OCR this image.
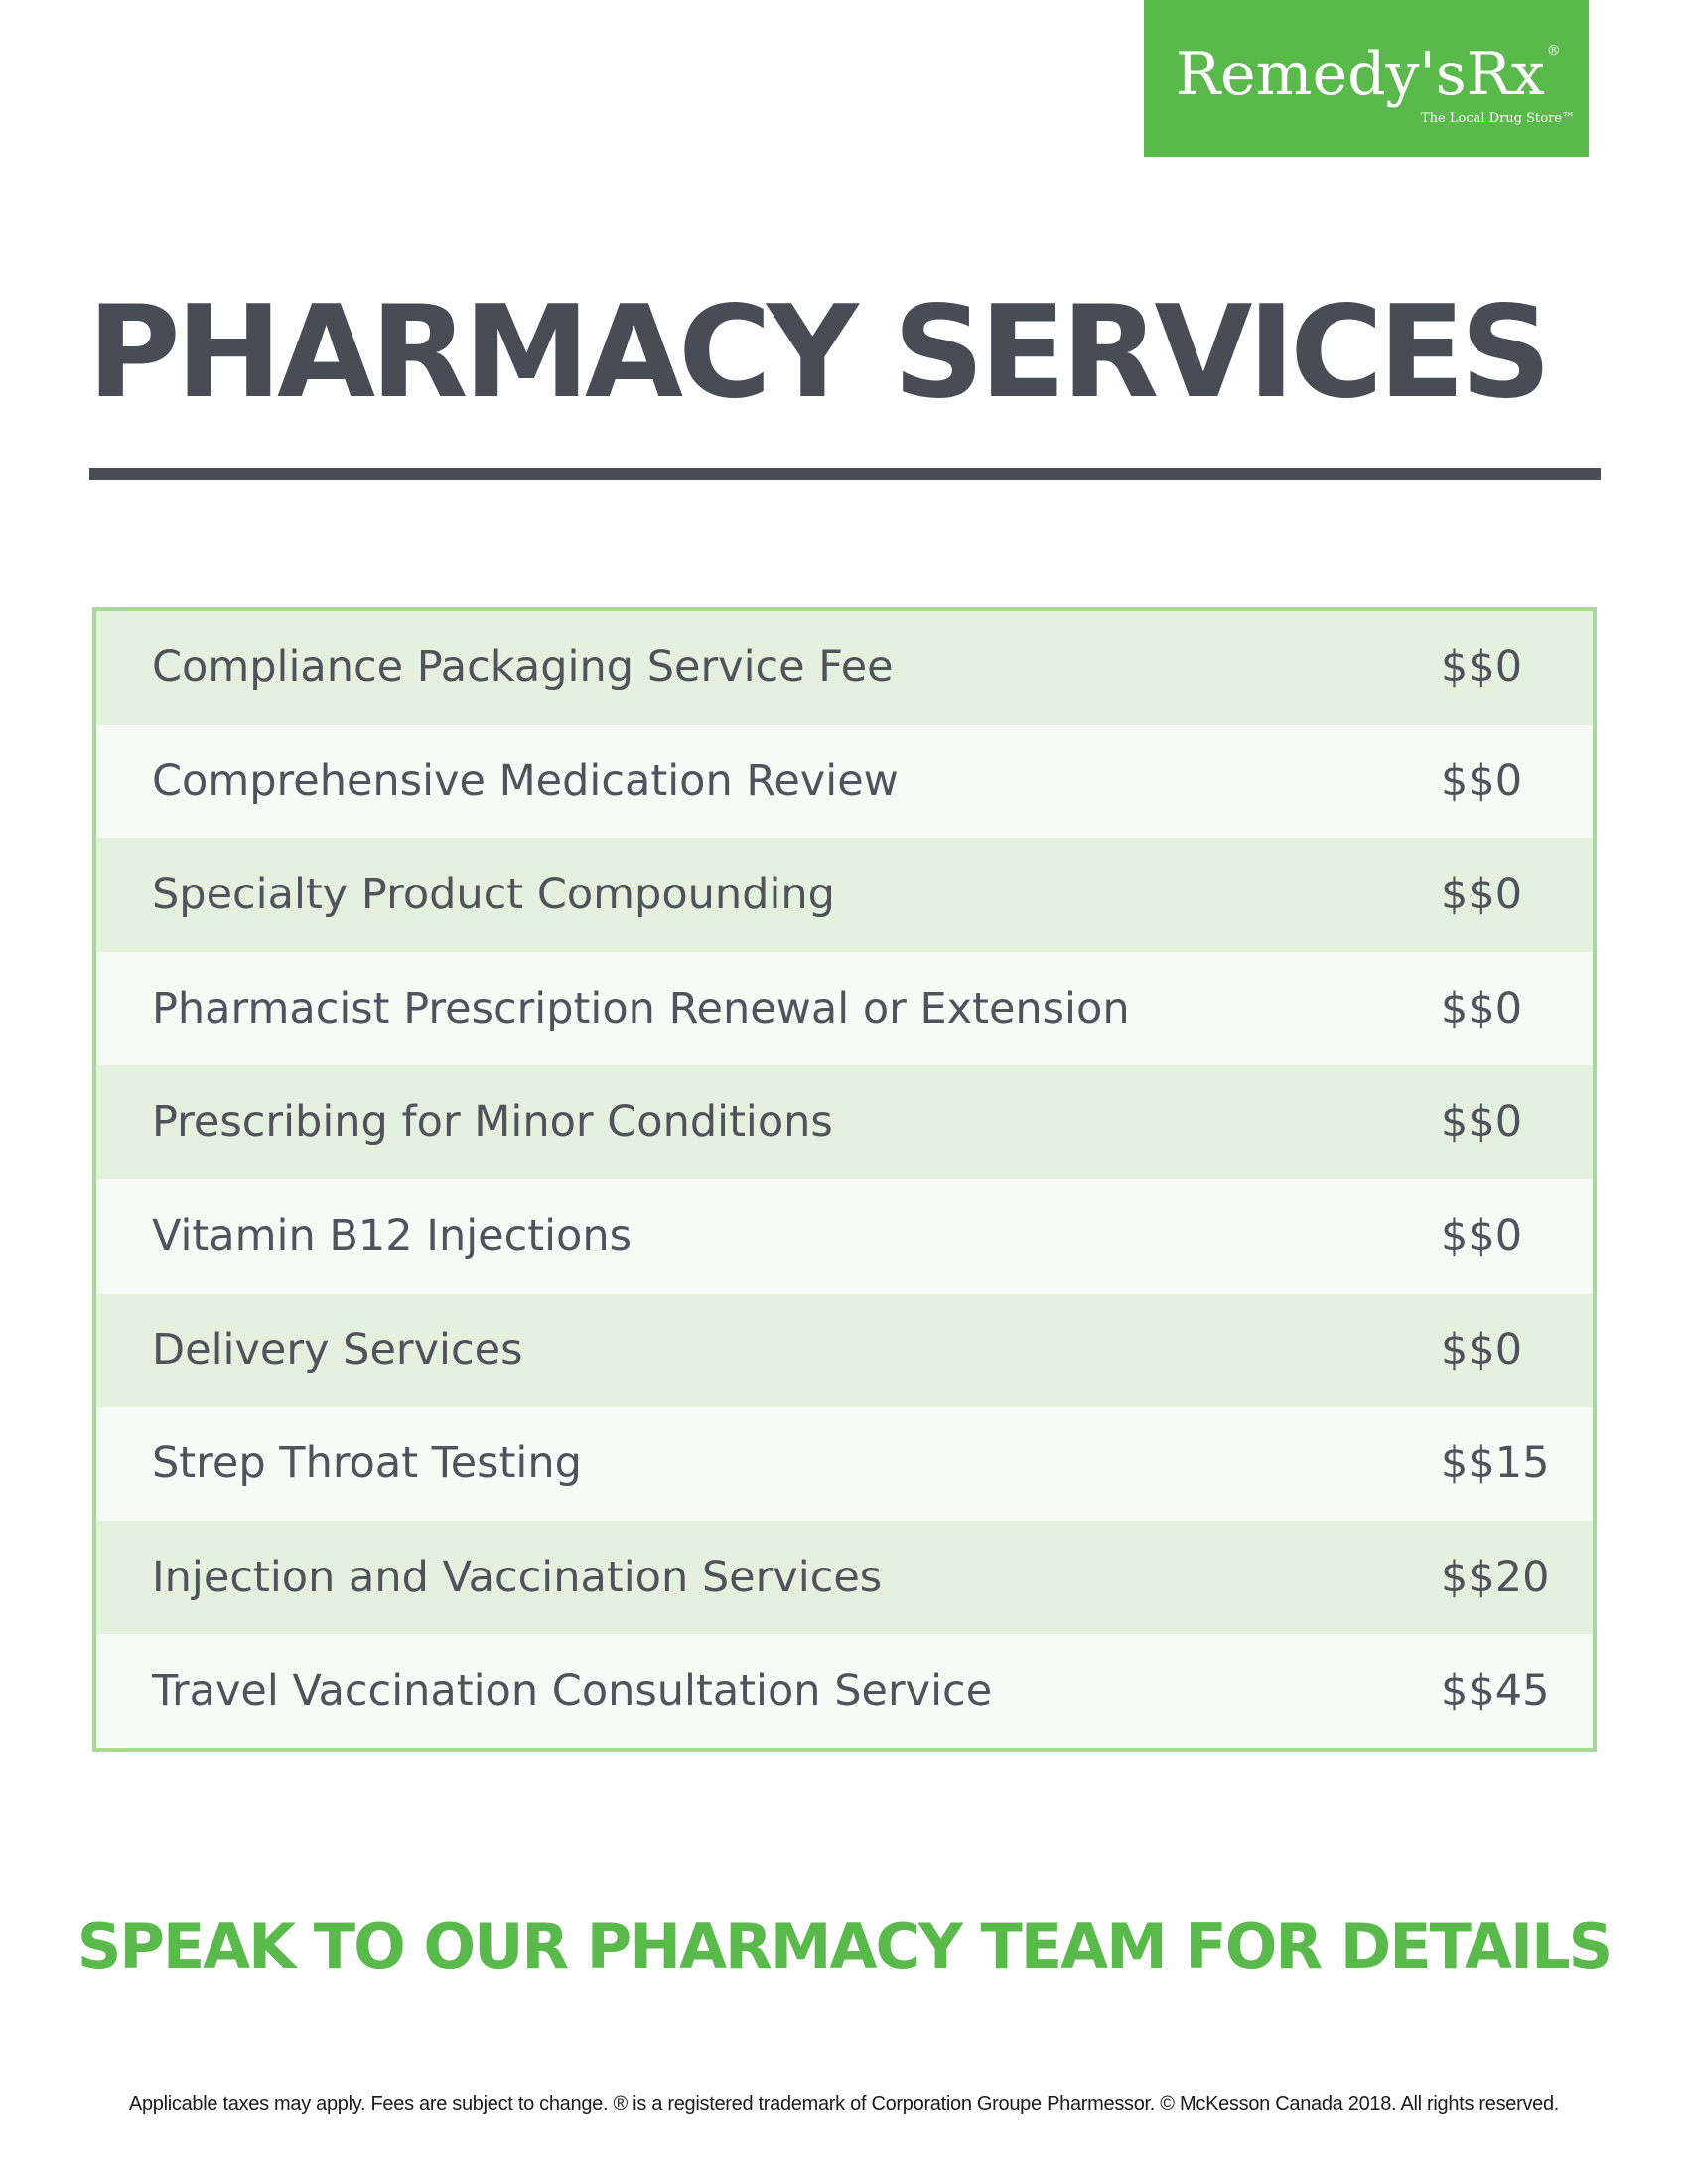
Remedy'sRx ®
The Local Drug Store™
PHARMACY SERVICES
Compliance Packaging Service Fee	$$0
Comprehensive Medication Review	$$0
Specialty Product Compounding	$$0
Pharmacist Prescription Renewal or Extension	$$0
Prescribing for Minor Conditions	$$0
Vitamin B12 Injections	$$0
Delivery Services	$$0
Strep Throat Testing	$$15
Injection and Vaccination Services	$$20
Travel Vaccination Consultation Service	$$45
SPEAK TO OUR PHARMACY TEAM FOR DETAILS
Applicable taxes may apply. Fees are subject to change. ® is a registered trademark of Corporation Groupe Pharmessor. © McKesson Canada 2018. All rights reserved.
